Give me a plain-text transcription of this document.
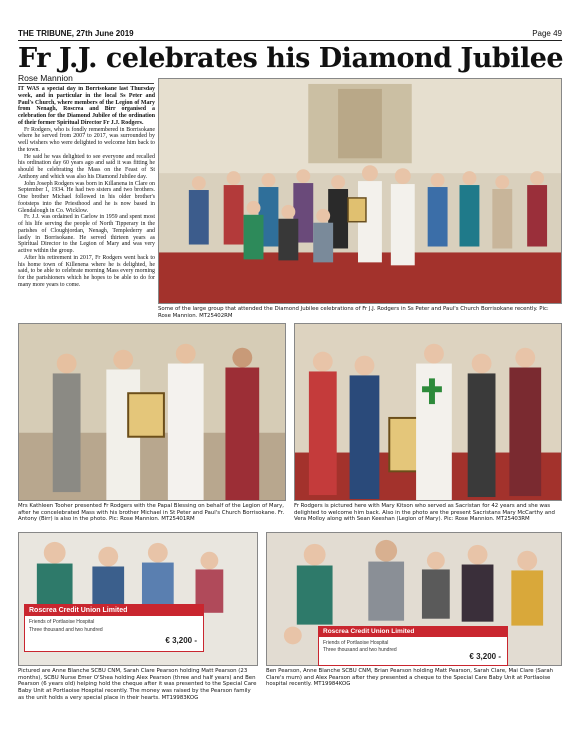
THE TRIBUNE, 27th June 2019	Page 49
Fr J.J. celebrates his Diamond Jubilee
Rose Mannion

IT WAS a special day in Borrisokane last Thursday week, and in particular in the local Ss Peter and Paul's Church, where members of the Legion of Mary from Nenagh, Roscrea and Birr organised a celebration for the Diamond Jubilee of the ordination of their former Spiritual Director Fr J.J. Rodgers.

Fr Rodgers, who is fondly remembered in Borrisokane where he served from 2007 to 2017, was surrounded by well wishers who were delighted to welcome him back to the town.

He said he was delighted to see everyone and recalled his ordination day 60 years ago and said it was fitting he should be celebrating the Mass on the Feast of St Anthony and which was also his Diamond Jubilee day.

John Joseph Rodgers was born in Killanena in Clare on September 1, 1934. He had two sisters and two brothers. One brother Michael followed in his older brother's footsteps into the Priesthood and he is now based in Glendalough in Co. Wicklow.

Fr. J.J. was ordained in Carlow in 1959 and spent most of his life serving the people of North Tipperary in the parishes of Cloughjordan, Nenagh, Templederry and lastly in Borrisokane. He served thirteen years as Spiritual Director to the Legion of Mary and was very active within the group.

After his retirement in 2017, Fr Rodgers went back to his home town of Killenena where he is delighted, he said, to be able to celebrate morning Mass every morning for the parishioners which he hopes to be able to do for many more years to come.

Some of the large group that attended the Diamond Jubilee celebrations of Fr J.J. Rodgers in Ss Peter and Paul's Church Borrisokane recently. Pic: Rose Mannion. MT25402RM
Mrs Kathleen Tooher presented Fr Rodgers with the Papal Blessing on behalf of the Legion of Mary, after he concelebrated Mass with his brother Michael in St Peter and Paul's Church Borrisokane. Fr. Antony (Birr) is also in the photo. Pic: Rose Mannion. MT25401RM
Fr Rodgers is pictured here with Mary Kitson who served as Sacristan for 42 years and she was delighted to welcome him back. Also in the photo are the present Sacristans Mary McCarthy and Vera Molloy along with Sean Keeshan (Legion of Mary). Pic: Rose Mannion. MT25403RM
Roscrea Credit Union Limited
Friends of Portlaoise Hospital
Three thousand and two hundred
€ 3,200 -
Roscrea Credit Union Limited
Friends of Portlaoise Hospital
Three thousand and two hundred
€ 3,200 -
Pictured are Anne Blanche SCBU CNM, Sarah Clare Pearson holding Matt Pearson (23 months), SCBU Nurse Emer O'Shea holding Alex Pearson (three and half years) and Ben Pearson (6 years old) helping hold the cheque after it was presented to the Special Care Baby Unit at Portlaoise Hospital recently. The money was raised by the Pearson family as the unit holds a very special place in their hearts. MT19983KOG
Ben Pearson, Anne Blanche SCBU CNM, Brian Pearson holding Matt Pearson, Sarah Clare, Mai Clare (Sarah Clare's mum) and Alex Pearson after they presented a cheque to the Special Care Baby Unit at Portlaoise hospital recently. MT19984KOG
